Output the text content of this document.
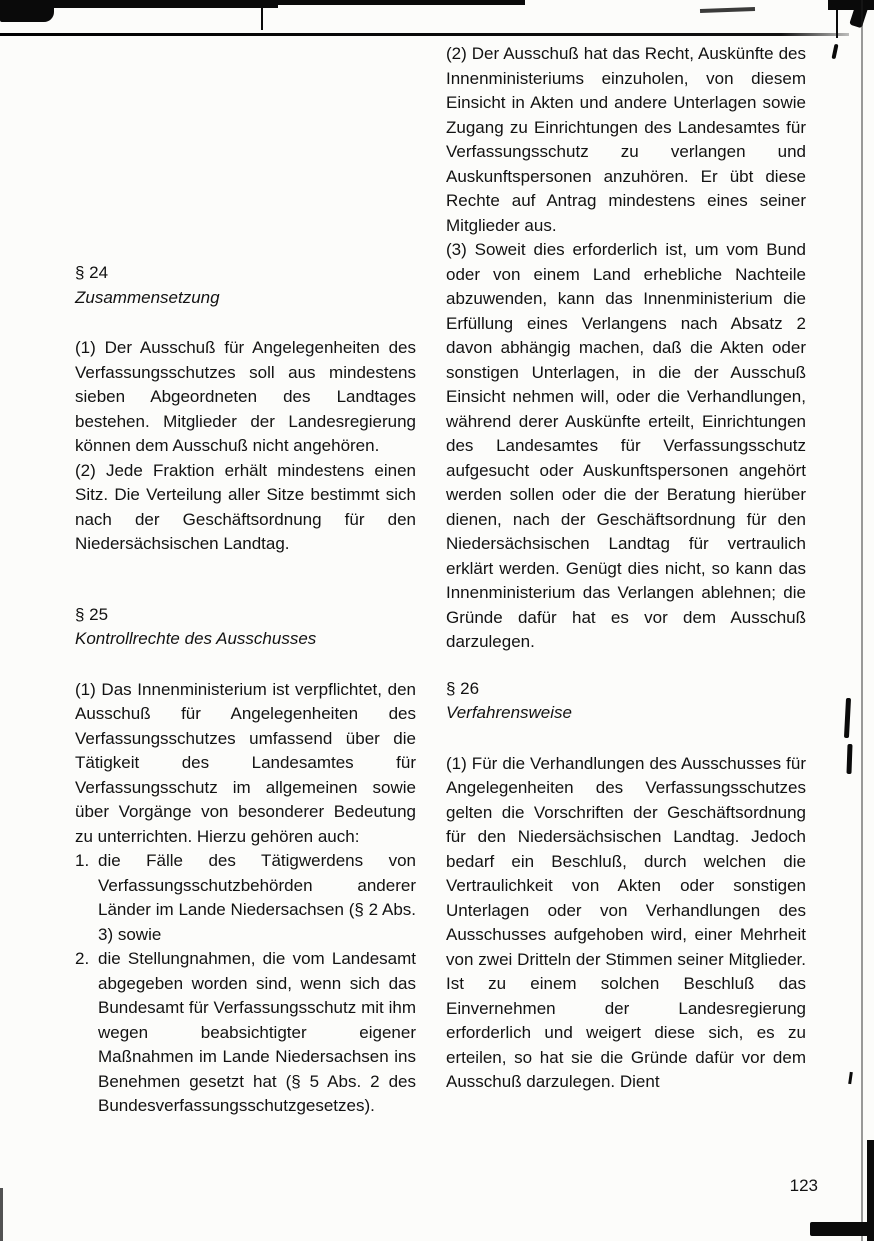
§ 24
Zusammensetzung

(1) Der Ausschuß für Angelegenheiten des Verfassungsschutzes soll aus mindestens sieben Abgeordneten des Landtages bestehen. Mitglieder der Landesregierung können dem Ausschuß nicht angehören.

(2) Jede Fraktion erhält mindestens einen Sitz. Die Verteilung aller Sitze bestimmt sich nach der Geschäftsordnung für den Niedersächsischen Landtag.

§ 25
Kontrollrechte des Ausschusses

(1) Das Innenministerium ist verpflichtet, den Ausschuß für Angelegenheiten des Verfassungsschutzes umfassend über die Tätigkeit des Landesamtes für Verfassungsschutz im allgemeinen sowie über Vorgänge von besonderer Bedeutung zu unterrichten. Hierzu gehören auch:

1. die Fälle des Tätigwerdens von Verfassungsschutzbehörden anderer Länder im Lande Niedersachsen (§ 2 Abs. 3) sowie
2. die Stellungnahmen, die vom Landesamt abgegeben worden sind, wenn sich das Bundesamt für Verfassungsschutz mit ihm wegen beabsichtigter eigener Maßnahmen im Lande Niedersachsen ins Benehmen gesetzt hat (§ 5 Abs. 2 des Bundesverfassungsschutzgesetzes).

(2) Der Ausschuß hat das Recht, Auskünfte des Innenministeriums einzuholen, von diesem Einsicht in Akten und andere Unterlagen sowie Zugang zu Einrichtungen des Landesamtes für Verfassungsschutz zu verlangen und Auskunftspersonen anzuhören. Er übt diese Rechte auf Antrag mindestens eines seiner Mitglieder aus.

(3) Soweit dies erforderlich ist, um vom Bund oder von einem Land erhebliche Nachteile abzuwenden, kann das Innenministerium die Erfüllung eines Verlangens nach Absatz 2 davon abhängig machen, daß die Akten oder sonstigen Unterlagen, in die der Ausschuß Einsicht nehmen will, oder die Verhandlungen, während derer Auskünfte erteilt, Einrichtungen des Landesamtes für Verfassungsschutz aufgesucht oder Auskunftspersonen angehört werden sollen oder die der Beratung hierüber dienen, nach der Geschäftsordnung für den Niedersächsischen Landtag für vertraulich erklärt werden. Genügt dies nicht, so kann das Innenministerium das Verlangen ablehnen; die Gründe dafür hat es vor dem Ausschuß darzulegen.

§ 26
Verfahrensweise

(1) Für die Verhandlungen des Ausschusses für Angelegenheiten des Verfassungsschutzes gelten die Vorschriften der Geschäftsordnung für den Niedersächsischen Landtag. Jedoch bedarf ein Beschluß, durch welchen die Vertraulichkeit von Akten oder sonstigen Unterlagen oder von Verhandlungen des Ausschusses aufgehoben wird, einer Mehrheit von zwei Dritteln der Stimmen seiner Mitglieder. Ist zu einem solchen Beschluß das Einvernehmen der Landesregierung erforderlich und weigert diese sich, es zu erteilen, so hat sie die Gründe dafür vor dem Ausschuß darzulegen. Dient

123
